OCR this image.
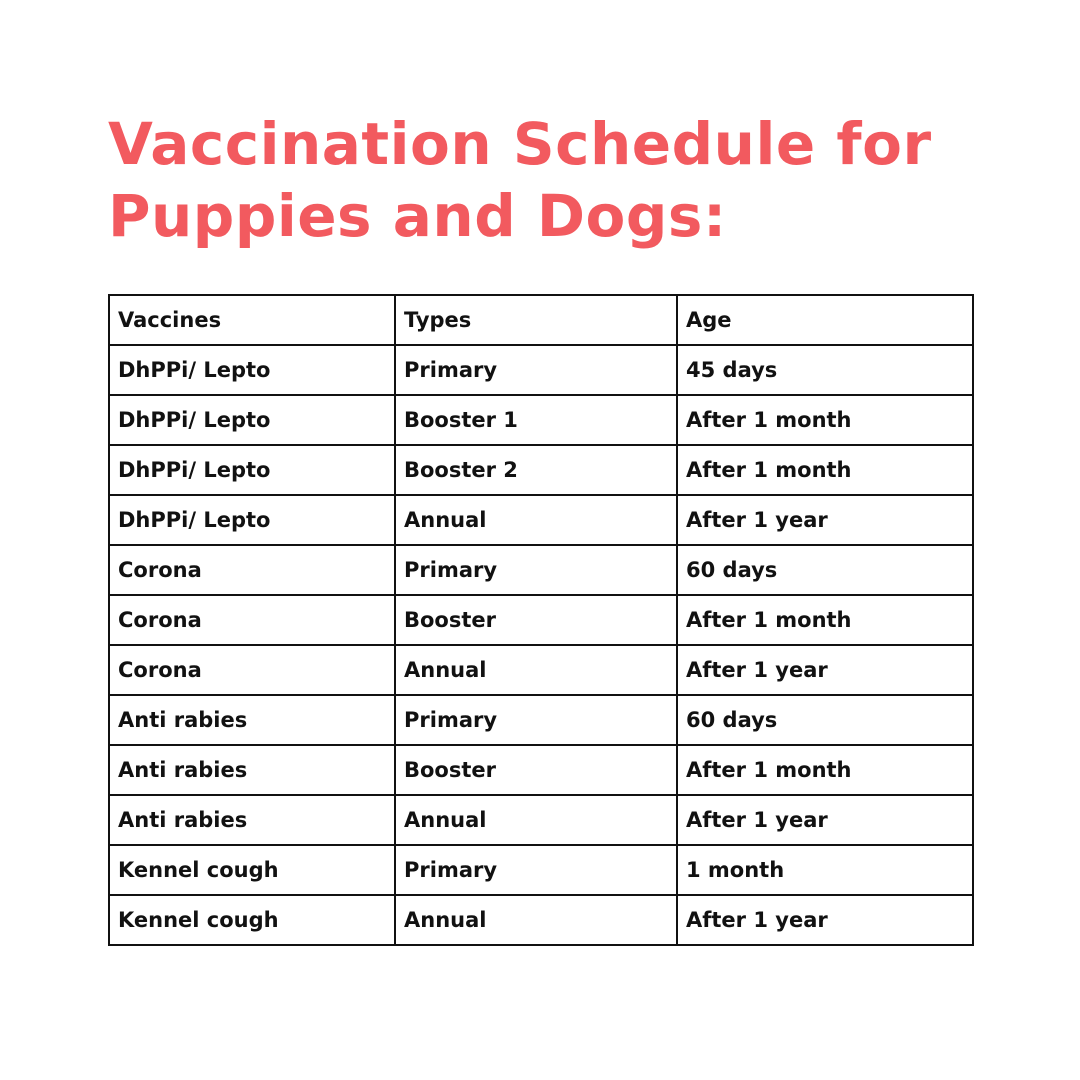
Vaccination Schedule for
Puppies and Dogs:
Vaccines	Types	Age
DhPPi/ Lepto	Primary	45 days
DhPPi/ Lepto	Booster 1	After 1 month
DhPPi/ Lepto	Booster 2	After 1 month
DhPPi/ Lepto	Annual	After 1 year
Corona	Primary	60 days
Corona	Booster	After 1 month
Corona	Annual	After 1 year
Anti rabies	Primary	60 days
Anti rabies	Booster	After 1 month
Anti rabies	Annual	After 1 year
Kennel cough	Primary	1 month
Kennel cough	Annual	After 1 year
